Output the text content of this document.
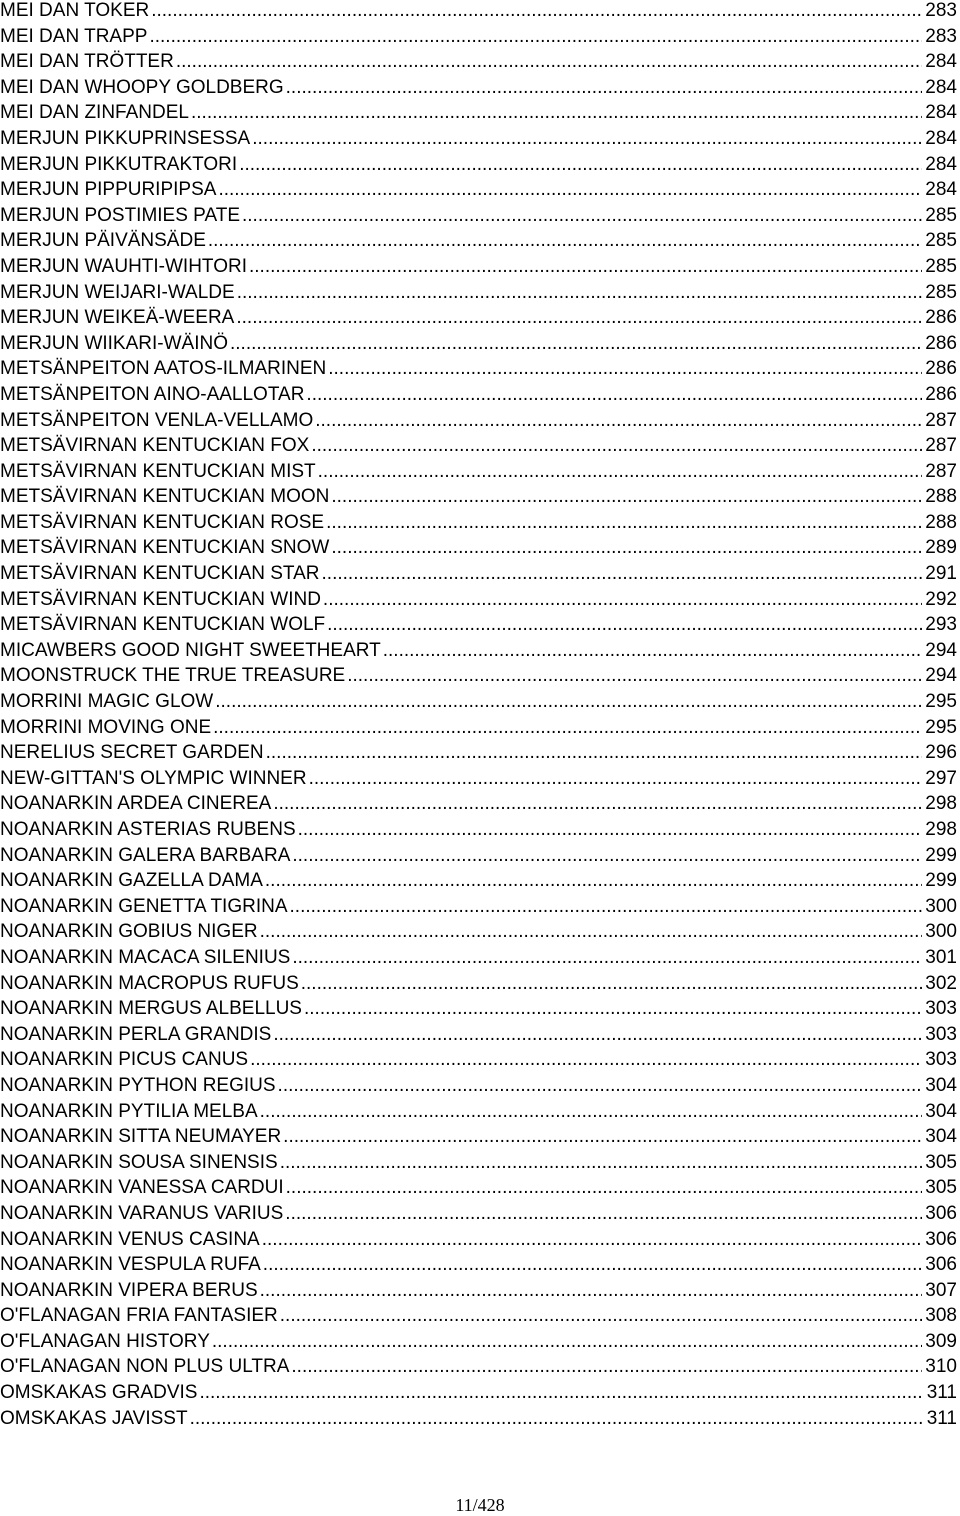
MEI DAN TOKER .....	283
MEI DAN TRAPP .....	283
MEI DAN TRÖTTER .....	284
MEI DAN WHOOPY GOLDBERG .....	284
MEI DAN ZINFANDEL .....	284
MERJUN PIKKUPRINSESSA .....	284
MERJUN PIKKUTRAKTORI .....	284
MERJUN PIPPURIPIPSA .....	284
MERJUN POSTIMIES PATE .....	285
MERJUN PÄIVÄNSÄDE .....	285
MERJUN WAUHTI-WIHTORI .....	285
MERJUN WEIJARI-WALDE .....	285
MERJUN WEIKEÄ-WEERA .....	286
MERJUN WIIKARI-WÄINÖ .....	286
METSÄNPEITON AATOS-ILMARINEN .....	286
METSÄNPEITON AINO-AALLOTAR .....	286
METSÄNPEITON VENLA-VELLAMO .....	287
METSÄVIRNAN KENTUCKIAN FOX .....	287
METSÄVIRNAN KENTUCKIAN MIST .....	287
METSÄVIRNAN KENTUCKIAN MOON .....	288
METSÄVIRNAN KENTUCKIAN ROSE .....	288
METSÄVIRNAN KENTUCKIAN SNOW .....	289
METSÄVIRNAN KENTUCKIAN STAR .....	291
METSÄVIRNAN KENTUCKIAN WIND .....	292
METSÄVIRNAN KENTUCKIAN WOLF .....	293
MICAWBERS GOOD NIGHT SWEETHEART .....	294
MOONSTRUCK THE TRUE TREASURE .....	294
MORRINI MAGIC GLOW .....	295
MORRINI MOVING ONE .....	295
NERELIUS SECRET GARDEN .....	296
NEW-GITTAN'S OLYMPIC WINNER .....	297
NOANARKIN ARDEA CINEREA .....	298
NOANARKIN ASTERIAS RUBENS .....	298
NOANARKIN GALERA BARBARA .....	299
NOANARKIN GAZELLA DAMA .....	299
NOANARKIN GENETTA TIGRINA .....	300
NOANARKIN GOBIUS NIGER .....	300
NOANARKIN MACACA SILENIUS .....	301
NOANARKIN MACROPUS RUFUS .....	302
NOANARKIN MERGUS ALBELLUS .....	303
NOANARKIN PERLA GRANDIS .....	303
NOANARKIN PICUS CANUS .....	303
NOANARKIN PYTHON REGIUS .....	304
NOANARKIN PYTILIA MELBA .....	304
NOANARKIN SITTA NEUMAYER .....	304
NOANARKIN SOUSA SINENSIS .....	305
NOANARKIN VANESSA CARDUI .....	305
NOANARKIN VARANUS VARIUS .....	306
NOANARKIN VENUS CASINA .....	306
NOANARKIN VESPULA RUFA .....	306
NOANARKIN VIPERA BERUS .....	307
O'FLANAGAN FRIA FANTASIER .....	308
O'FLANAGAN HISTORY .....	309
O'FLANAGAN NON PLUS ULTRA .....	310
OMSKAKAS GRADVIS .....	311
OMSKAKAS JAVISST .....	311
11/428
